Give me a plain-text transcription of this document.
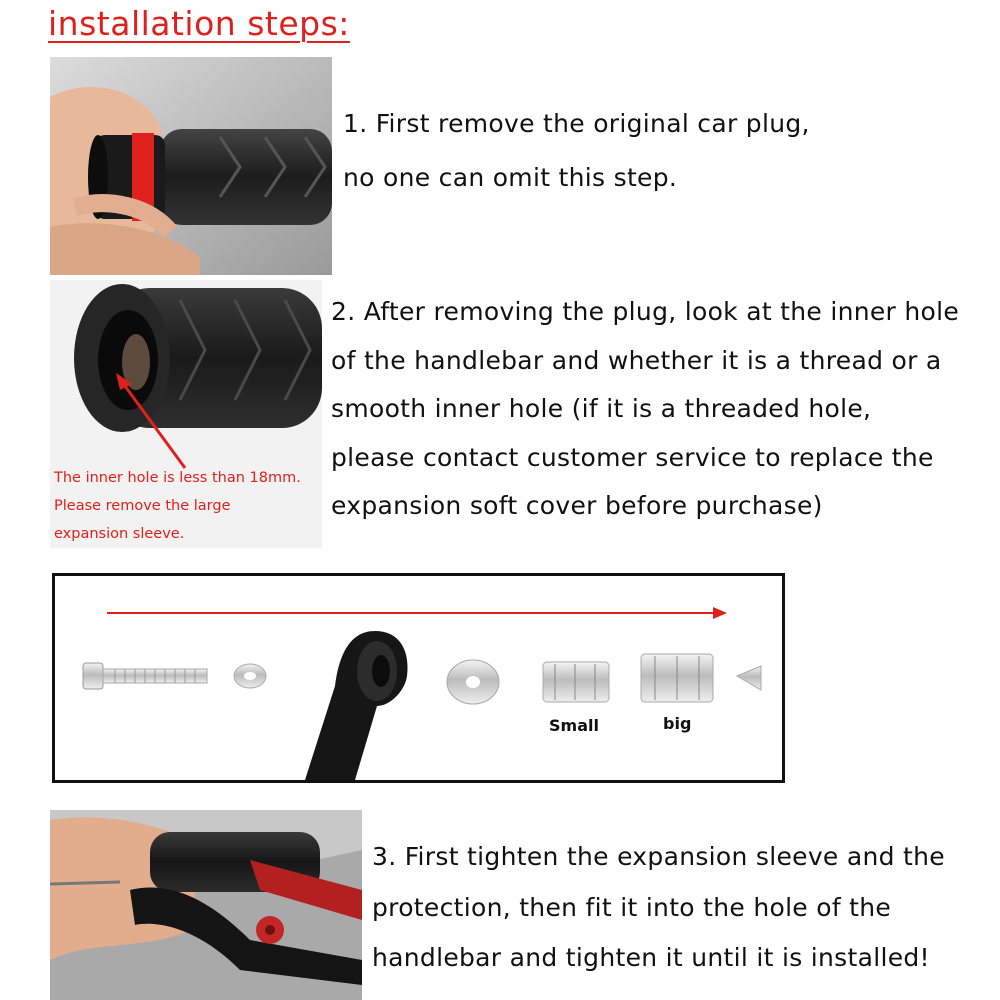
installation steps:
1. First remove the original car plug,
no one can omit this step.
The inner hole is less than 18mm.
Please remove the large
expansion sleeve.
2. After removing the plug, look at the inner hole
of the handlebar and whether it is a thread or a
smooth inner hole (if it is a threaded hole,
please contact customer service to replace the
expansion soft cover before purchase)
Small	big
3. First tighten the expansion sleeve and the
protection, then fit it into the hole of the
handlebar and tighten it until it is installed!
